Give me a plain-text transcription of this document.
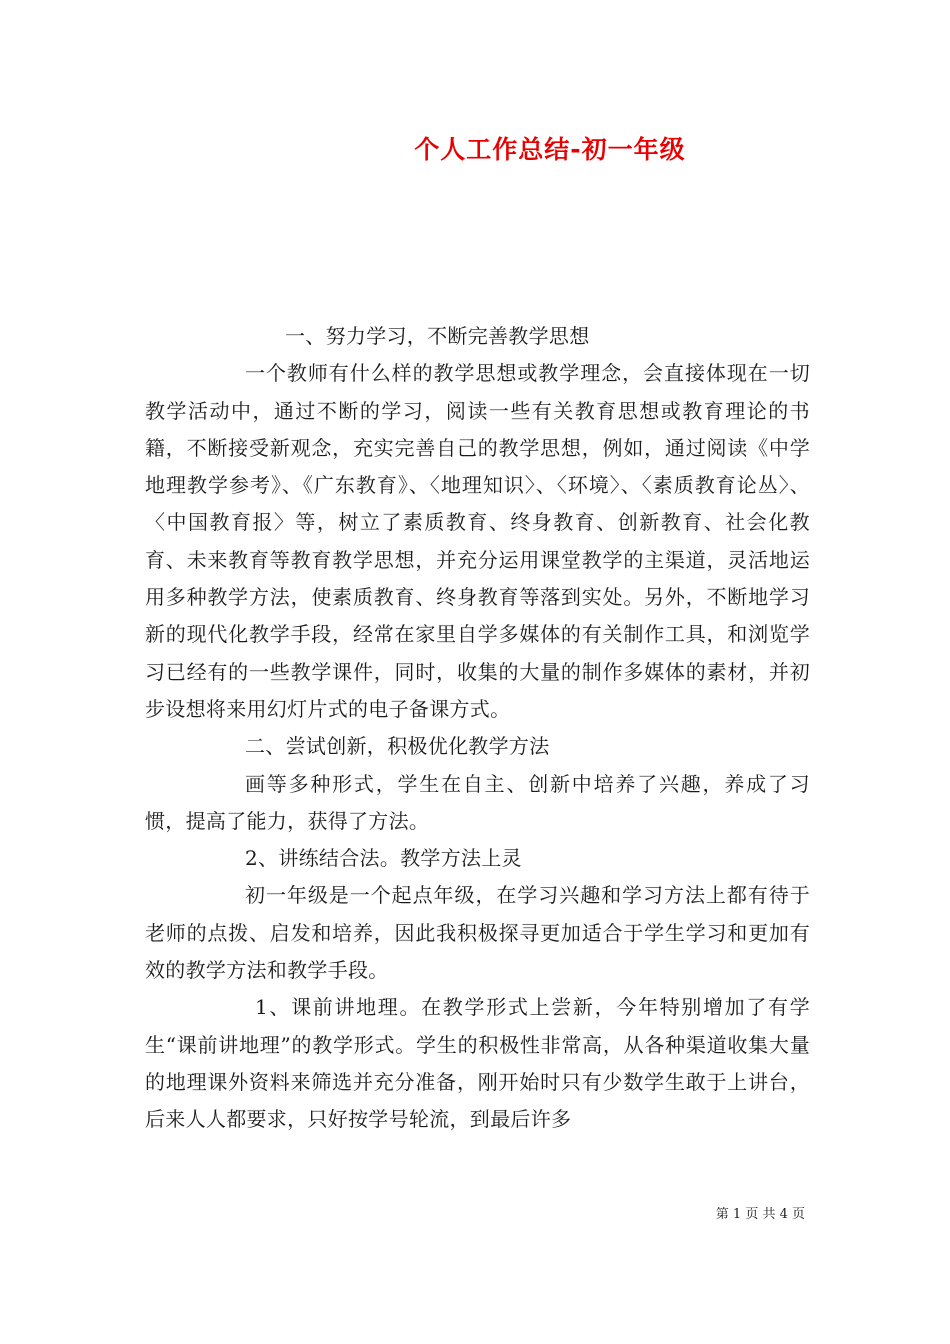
个人工作总结-初一年级

一、努力学习，不断完善教学思想

一个教师有什么样的教学思想或教学理念，会直接体现在一切教学活动中，通过不断的学习，阅读一些有关教育思想或教育理论的书籍，不断接受新观念，充实完善自己的教学思想，例如，通过阅读《中学地理教学参考》、《广东教育》、〈地理知识〉、〈环境〉、〈素质教育论丛〉、〈中国教育报〉等，树立了素质教育、终身教育、创新教育、社会化教育、未来教育等教育教学思想，并充分运用课堂教学的主渠道，灵活地运用多种教学方法，使素质教育、终身教育等落到实处。另外，不断地学习新的现代化教学手段，经常在家里自学多媒体的有关制作工具，和浏览学习已经有的一些教学课件，同时，收集的大量的制作多媒体的素材，并初步设想将来用幻灯片式的电子备课方式。

二、尝试创新，积极优化教学方法

画等多种形式，学生在自主、创新中培养了兴趣，养成了习惯，提高了能力，获得了方法。

2、讲练结合法。教学方法上灵

初一年级是一个起点年级，在学习兴趣和学习方法上都有待于老师的点拨、启发和培养，因此我积极探寻更加适合于学生学习和更加有效的教学方法和教学手段。

1、课前讲地理。在教学形式上尝新，今年特别增加了有学生“课前讲地理”的教学形式。学生的积极性非常高，从各种渠道收集大量的地理课外资料来筛选并充分准备，刚开始时只有少数学生敢于上讲台，后来人人都要求，只好按学号轮流，到最后许多

第 1 页 共 4 页
